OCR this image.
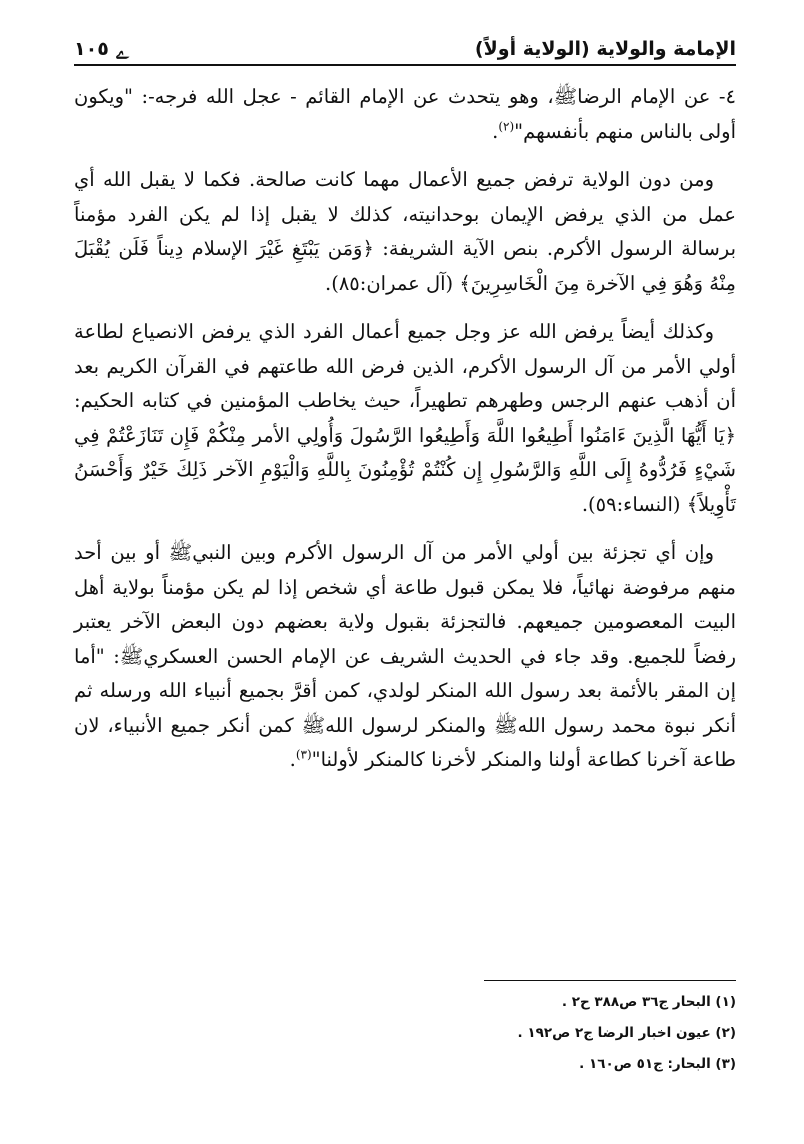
الإمامة والولاية (الولاية أولاً)
ﮮ ١٠٥

٤- عن الإمام الرضاﷺ، وهو يتحدث عن الإمام القائم - عجل الله فرجه-: "ويكون أولى بالناس منهم بأنفسهم"$^{(٢)}$.

ومن دون الولاية ترفض جميع الأعمال مهما كانت صالحة. فكما لا يقبل الله أي عمل من الذي يرفض الإيمان بوحدانيته، كذلك لا يقبل إذا لم يكن الفرد مؤمناً برسالة الرسول الأكرم. بنص الآية الشريفة: ﴿وَمَن يَبْتَغِ غَيْرَ الإسلام دِيناً فَلَن يُقْبَلَ مِنْهُ وَهُوَ فِي الآخرة مِنَ الْخَاسِرِينَ﴾ (آل عمران:٨٥).

وكذلك أيضاً يرفض الله عز وجل جميع أعمال الفرد الذي يرفض الانصياع لطاعة أولي الأمر من آل الرسول الأكرم، الذين فرض الله طاعتهم في القرآن الكريم بعد أن أذهب عنهم الرجس وطهرهم تطهيراً، حيث يخاطب المؤمنين في كتابه الحكيم: ﴿يَا أَيُّهَا الَّذِينَ ءَامَنُوا أَطِيعُوا اللَّهَ وَأَطِيعُوا الرَّسُولَ وَأُولِي الأمر مِنْكُمْ فَإِن تَنَازَعْتُمْ فِي شَيْءٍ فَرُدُّوهُ إِلَى اللَّهِ وَالرَّسُولِ إِن كُنْتُمْ تُؤْمِنُونَ بِاللَّهِ وَالْيَوْمِ الآخر ذَلِكَ خَيْرٌ وَأَحْسَنُ تَأْوِيلاً﴾ (النساء:٥٩).

وإن أي تجزئة بين أولي الأمر من آل الرسول الأكرم وبين النبيﷺ أو بين أحد منهم مرفوضة نهائياً، فلا يمكن قبول طاعة أي شخص إذا لم يكن مؤمناً بولاية أهل البيت المعصومين جميعهم. فالتجزئة بقبول ولاية بعضهم دون البعض الآخر يعتبر رفضاً للجميع. وقد جاء في الحديث الشريف عن الإمام الحسن العسكريﷺ: "أما إن المقر بالأئمة بعد رسول الله المنكر لولدي، كمن أقرَّ بجميع أنبياء الله ورسله ثم أنكر نبوة محمد رسول اللهﷺ والمنكر لرسول اللهﷺ كمن أنكر جميع الأنبياء، لان طاعة آخرنا كطاعة أولنا والمنكر لأخرنا كالمنكر لأولنا"$^{(٣)}$.

(١) البحار ج٣٦ ص٣٨٨ ح٢ .

(٢) عيون اخبار الرضا ج٢ ص١٩٢ .

(٣) البحار: ج٥١ ص١٦٠ .
